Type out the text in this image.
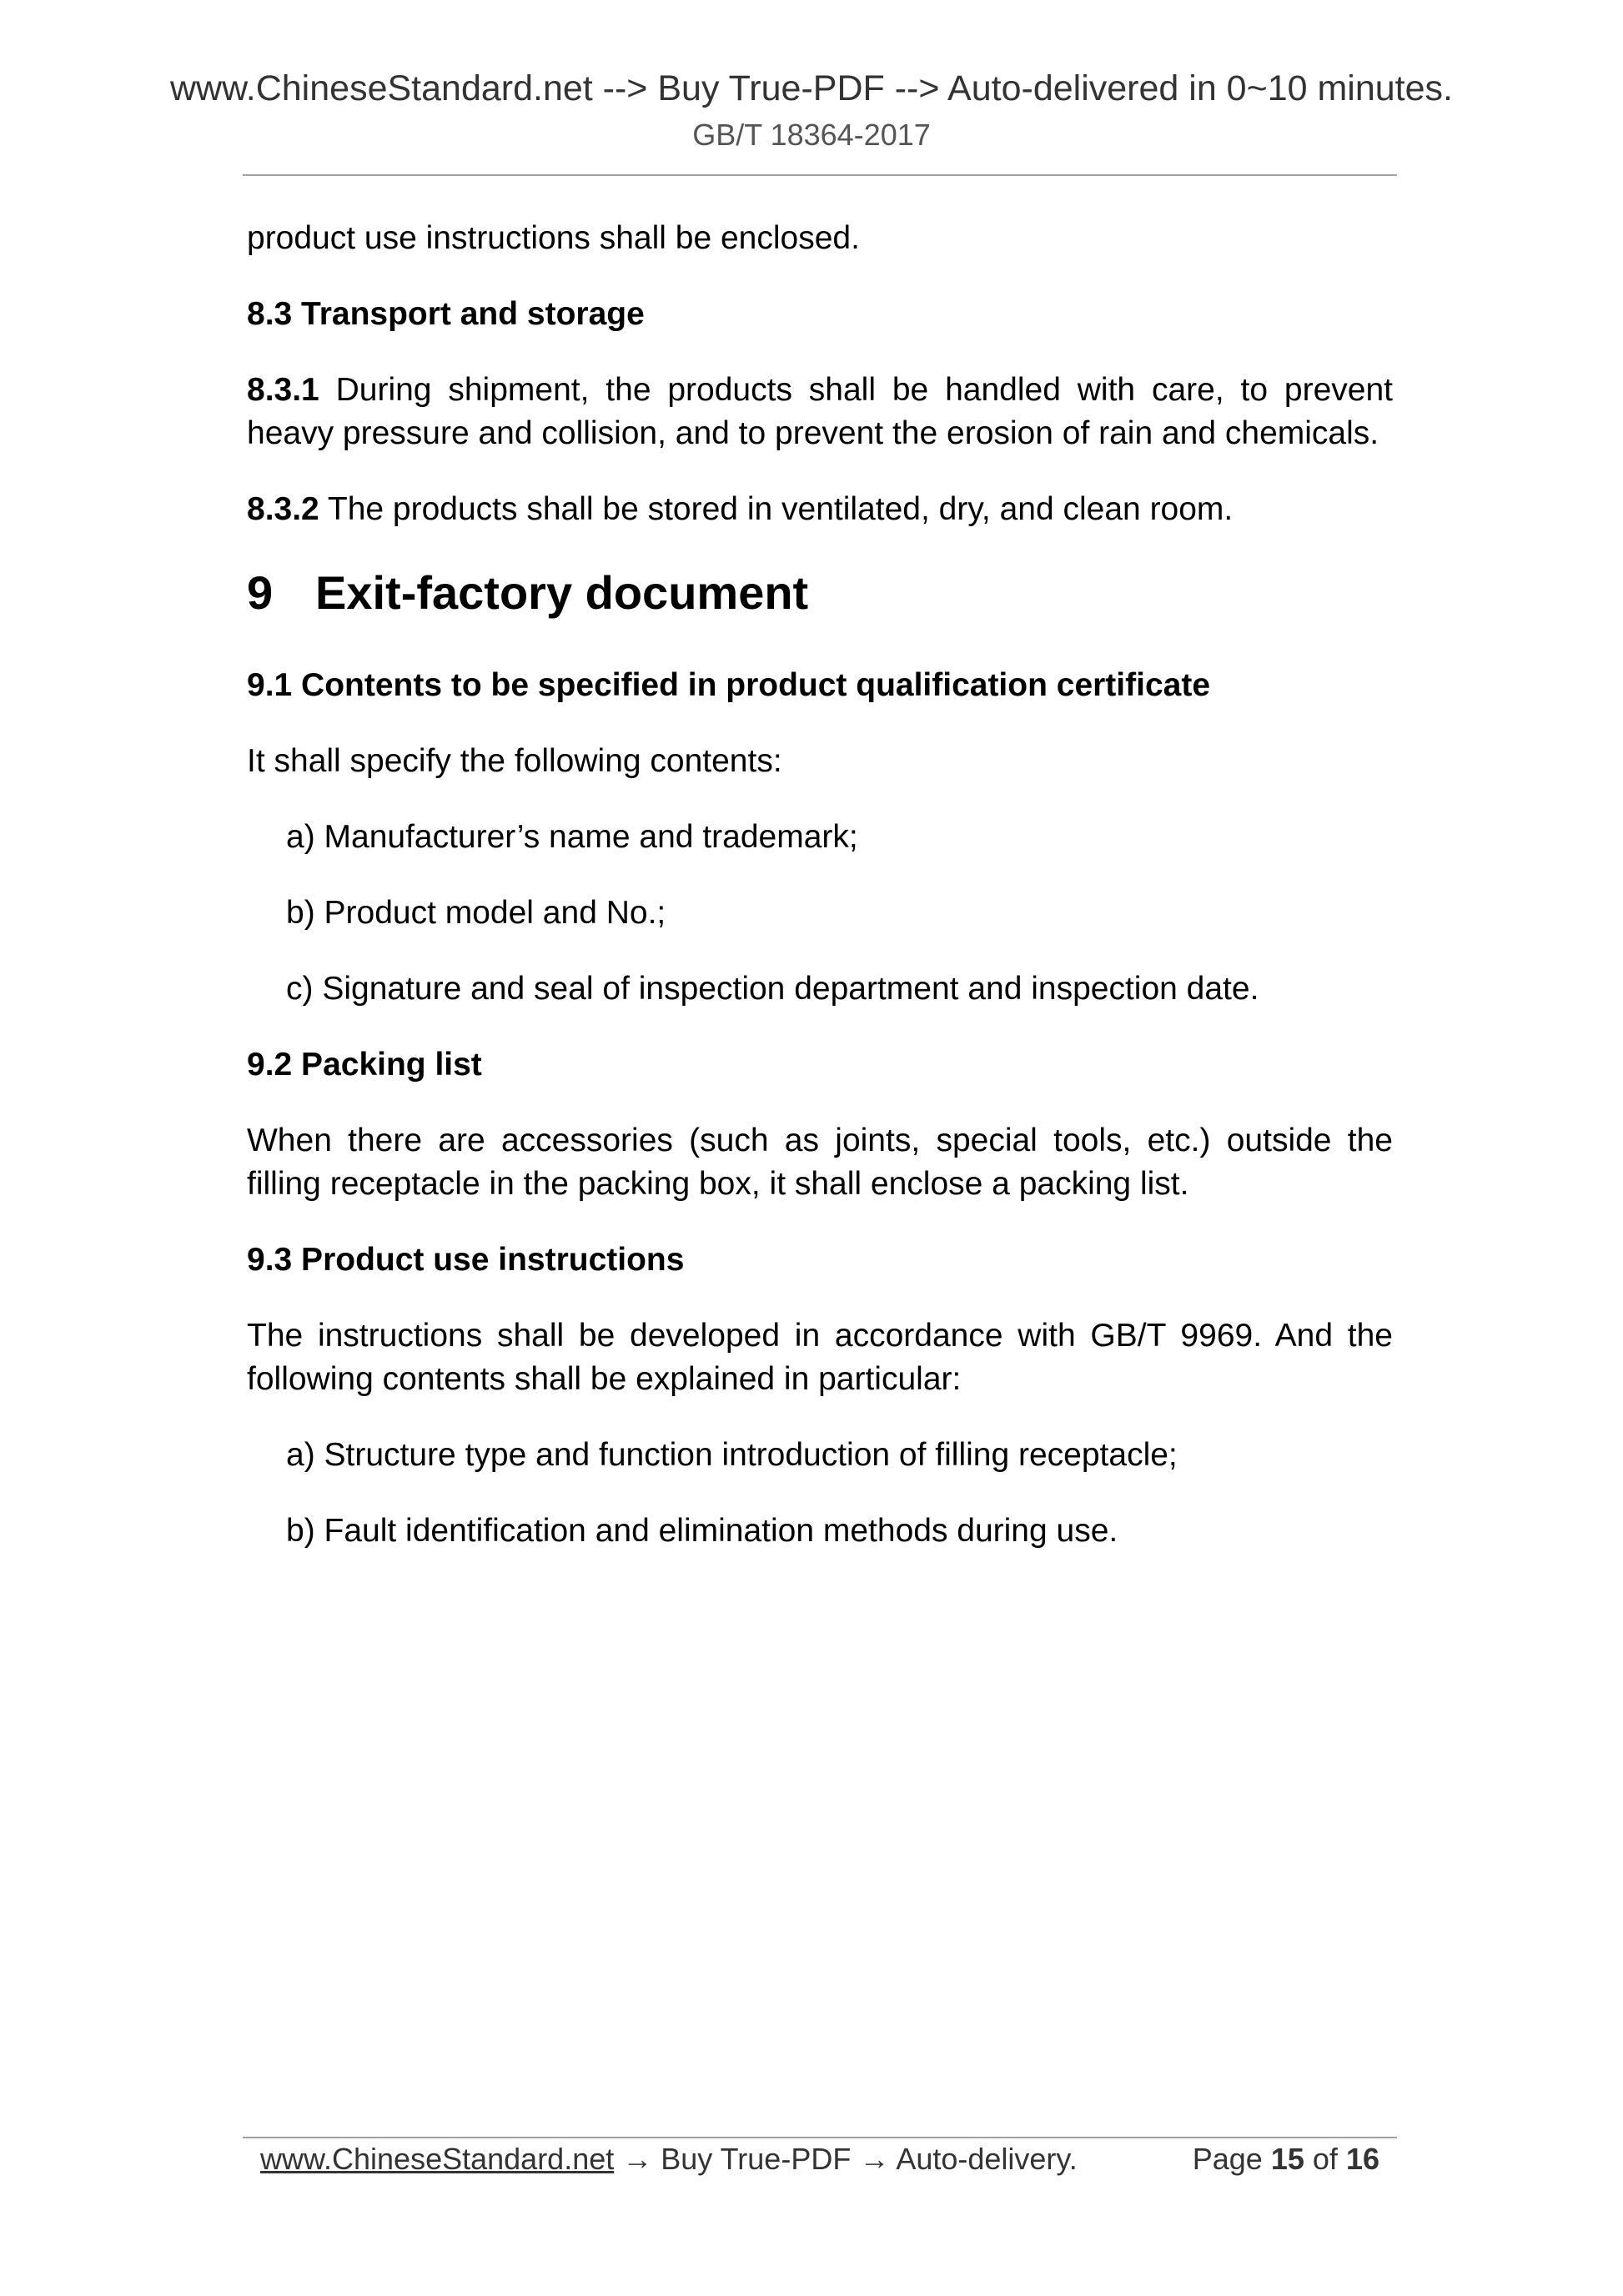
www.ChineseStandard.net --> Buy True-PDF --> Auto-delivered in 0~10 minutes.
GB/T 18364-2017

product use instructions shall be enclosed.

8.3 Transport and storage

8.3.1 During shipment, the products shall be handled with care, to prevent heavy pressure and collision, and to prevent the erosion of rain and chemicals.

8.3.2 The products shall be stored in ventilated, dry, and clean room.

9 Exit-factory document

9.1 Contents to be specified in product qualification certificate

It shall specify the following contents:

a) Manufacturer’s name and trademark;

b) Product model and No.;

c) Signature and seal of inspection department and inspection date.

9.2 Packing list

When there are accessories (such as joints, special tools, etc.) outside the filling receptacle in the packing box, it shall enclose a packing list.

9.3 Product use instructions

The instructions shall be developed in accordance with GB/T 9969. And the following contents shall be explained in particular:

a) Structure type and function introduction of filling receptacle;

b) Fault identification and elimination methods during use.

www.ChineseStandard.net → Buy True-PDF → Auto-delivery.	Page 15 of 16
